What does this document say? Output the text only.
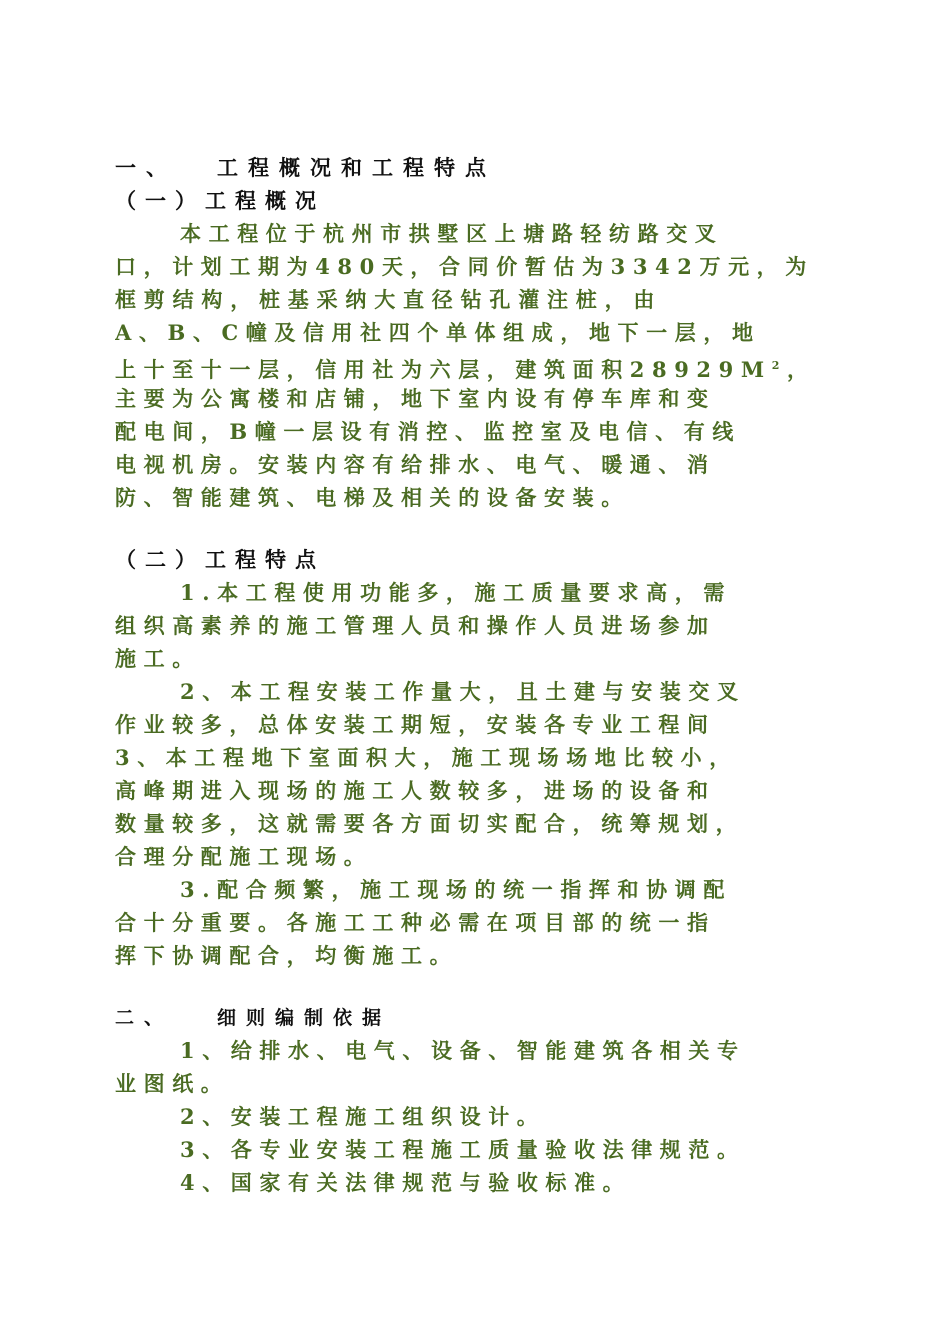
一、 工程概况和工程特点
（一）工程概况
本工程位于杭州市拱墅区上塘路轻纺路交叉
口，计划工期为480天，合同价暂估为3342万元，为
框剪结构，桩基采纳大直径钻孔灌注桩，由
A、B、C幢及信用社四个单体组成，地下一层，地
上十至十一层，信用社为六层，建筑面积$28929M^2$，
主要为公寓楼和店铺，地下室内设有停车库和变
配电间，B幢一层设有消控、监控室及电信、有线
电视机房。安装内容有给排水、电气、暖通、消
防、智能建筑、电梯及相关的设备安装。
（二）工程特点
1.本工程使用功能多，施工质量要求高，需
组织高素养的施工管理人员和操作人员进场参加
施工。
2、本工程安装工作量大，且土建与安装交叉
作业较多，总体安装工期短，安装各专业工程间
3、本工程地下室面积大，施工现场场地比较小，
高峰期进入现场的施工人数较多，进场的设备和
数量较多，这就需要各方面切实配合，统筹规划，
合理分配施工现场。
3.配合频繁，施工现场的统一指挥和协调配
合十分重要。各施工工种必需在项目部的统一指
挥下协调配合，均衡施工。
二、 细则编制依据
1、给排水、电气、设备、智能建筑各相关专
业图纸。
2、安装工程施工组织设计。
3、各专业安装工程施工质量验收法律规范。
4、国家有关法律规范与验收标准。
